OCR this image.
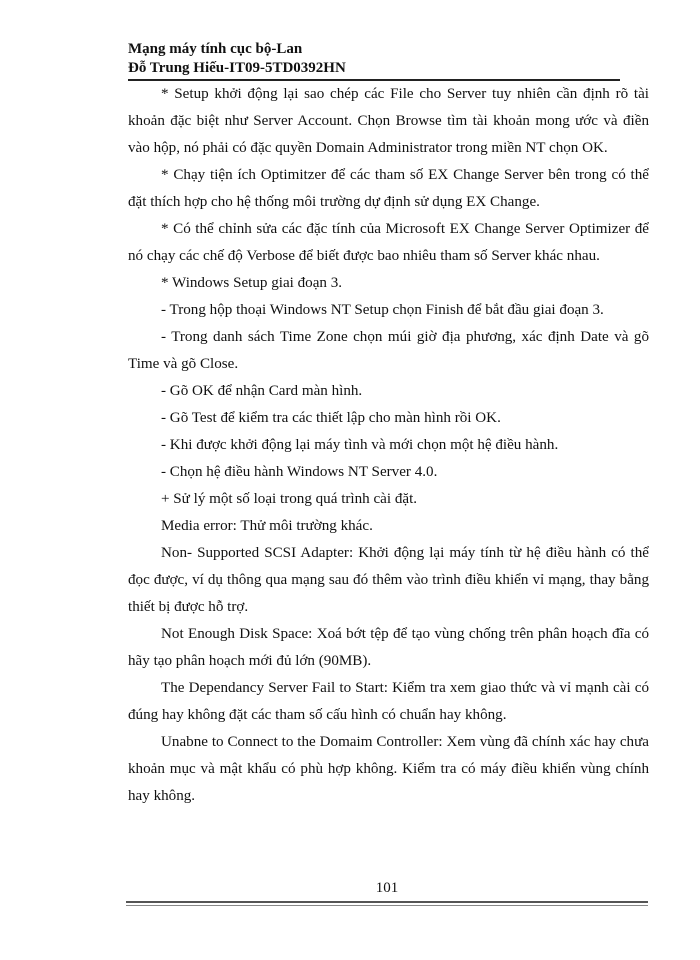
Mạng máy tính cục bộ-Lan
Đỗ Trung Hiếu-IT09-5TD0392HN

* Setup khởi động lại sao chép các File cho Server tuy nhiên cần định rõ tài khoản đặc biệt như Server Account. Chọn Browse tìm tài khoản mong ước và điền vào hộp, nó phải có đặc quyền Domain Administrator trong miền NT chọn OK.

* Chạy tiện ích Optimitzer để các tham số EX Change Server bên trong có thể đặt thích hợp cho hệ thống môi trường dự định sử dụng EX Change.

* Có thể chỉnh sửa các đặc tính của Microsoft EX Change Server Optimizer để nó chạy các chế độ Verbose để biết được bao nhiêu tham số Server khác nhau.

* Windows Setup giai đoạn 3.

- Trong hộp thoại Windows NT Setup chọn Finish để bắt đầu giai đoạn 3.

- Trong danh sách Time Zone chọn múi giờ địa phương, xác định Date và gõ Time và gõ Close.

- Gõ OK để nhận Card màn hình.

- Gõ Test để kiểm tra các thiết lập cho màn hình rồi OK.

- Khi được khởi động lại máy tình và mới chọn một hệ điều hành.

- Chọn hệ điều hành Windows NT Server 4.0.

+ Sử lý một số loại trong quá trình cài đặt.

Media error: Thử môi trường khác.

Non- Supported SCSI Adapter: Khởi động lại máy tính từ hệ điều hành có thể đọc được, ví dụ thông qua mạng sau đó thêm vào trình điều khiển vỉ mạng, thay bằng thiết bị được hỗ trợ.

Not Enough Disk Space: Xoá bớt tệp để tạo vùng chống trên phân hoạch đĩa có hãy tạo phân hoạch mới đủ lớn (90MB).

The Dependancy Server Fail to Start: Kiểm tra xem giao thức và vỉ mạnh cài có đúng hay không đặt các tham số cấu hình có chuẩn hay không.

Unabne to Connect to the Domaim Controller: Xem vùng đã chính xác hay chưa khoản mục và mật khẩu có phù hợp không. Kiểm tra có máy điều khiển vùng chính hay không.

101
